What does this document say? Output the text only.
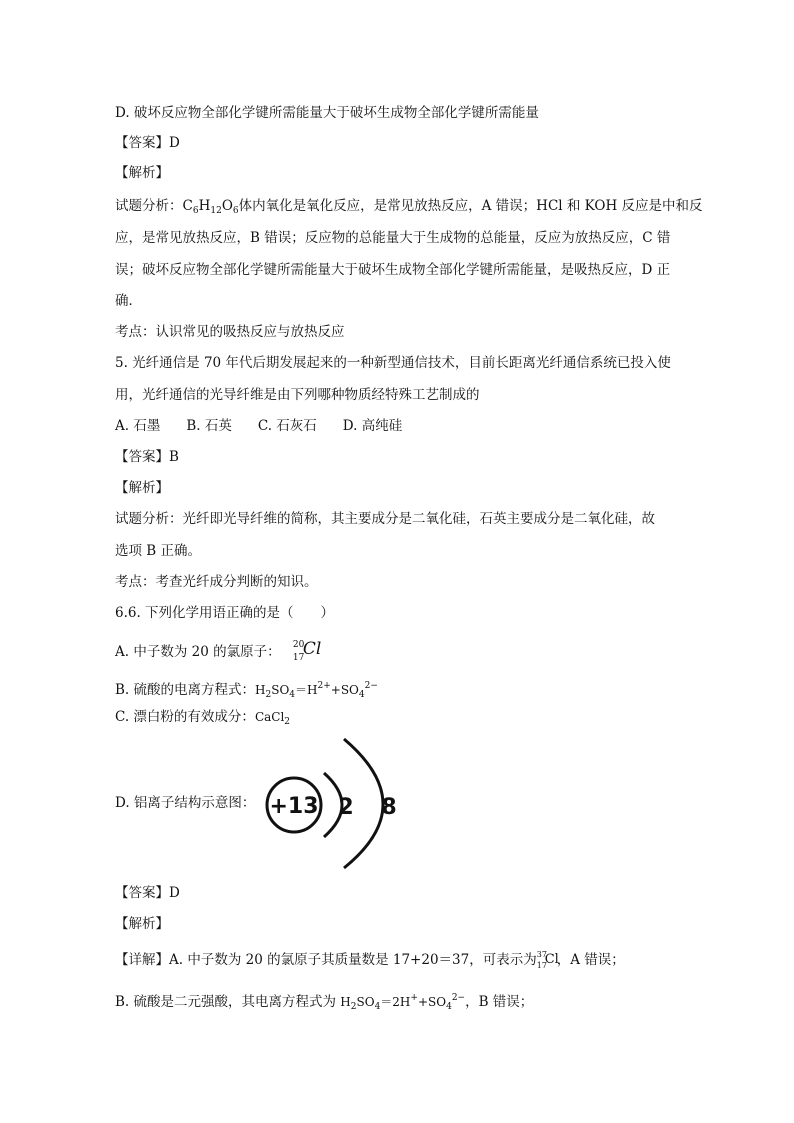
D. 破坏反应物全部化学键所需能量大于破坏生成物全部化学键所需能量
【答案】D
【解析】
试题分析：$C_6H_{12}O_6$体内氧化是氧化反应，是常见放热反应，A 错误；HCl 和 KOH 反应是中和反
应，是常见放热反应，B 错误；反应物的总能量大于生成物的总能量，反应为放热反应，C 错
误；破坏反应物全部化学键所需能量大于破坏生成物全部化学键所需能量，是吸热反应，D 正
确．
考点：认识常见的吸热反应与放热反应
5. 光纤通信是 70 年代后期发展起来的一种新型通信技术，目前长距离光纤通信系统已投入使
用，光纤通信的光导纤维是由下列哪种物质经特殊工艺制成的
A. 石墨 B. 石英 C. 石灰石 D. 高纯硅
【答案】B
【解析】
试题分析：光纤即光导纤维的简称，其主要成分是二氧化硅，石英主要成分是二氧化硅，故
选项 B 正确。
考点：考查光纤成分判断的知识。
6.6. 下列化学用语正确的是（　　）
A. 中子数为 20 的氯原子： 20
17
Cl
B. 硫酸的电离方程式：$H_2SO_4=H^{2+}+SO_4^{2-}$
C. 漂白粉的有效成分：CaCl$_2$
D. 铝离子结构示意图： +13 2 8
【答案】D
【解析】
【详解】A. 中子数为 20 的氯原子其质量数是 17+20＝37，可表示为 37
17
Cl
，A 错误；
B. 硫酸是二元强酸，其电离方程式为 $H_2SO_4=2H^++SO_4^{2-}$，B 错误；
